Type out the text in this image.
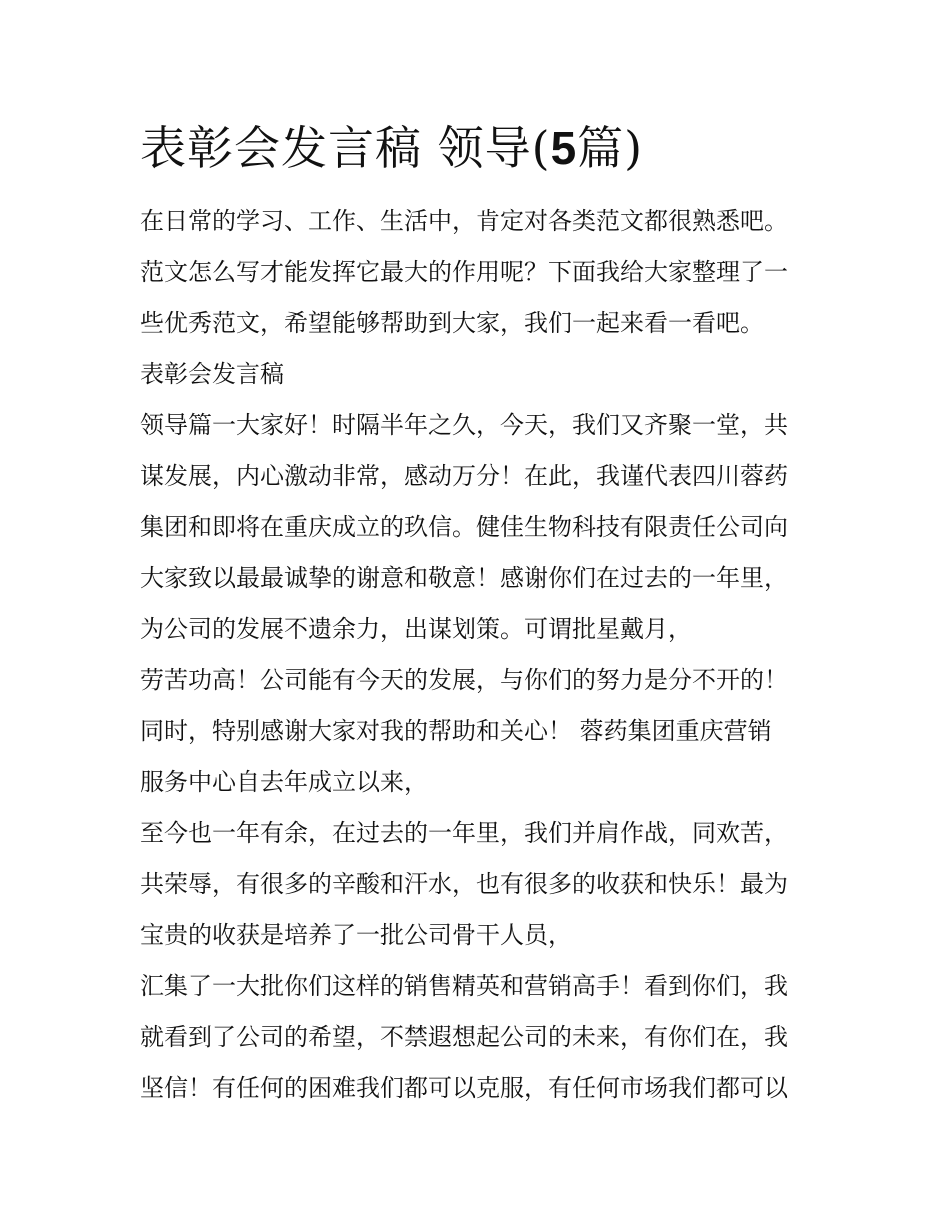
表彰会发言稿 领导(5篇)
在日常的学习、工作、生活中，肯定对各类范文都很熟悉吧。
范文怎么写才能发挥它最大的作用呢？下面我给大家整理了一
些优秀范文，希望能够帮助到大家，我们一起来看一看吧。
表彰会发言稿
领导篇一大家好！时隔半年之久，今天，我们又齐聚一堂，共
谋发展，内心激动非常，感动万分！在此，我谨代表四川蓉药
集团和即将在重庆成立的玖信。健佳生物科技有限责任公司向
大家致以最最诚挚的谢意和敬意！感谢你们在过去的一年里，
为公司的发展不遗余力，出谋划策。可谓批星戴月，
劳苦功高！公司能有今天的发展，与你们的努力是分不开的！
同时，特别感谢大家对我的帮助和关心！ 蓉药集团重庆营销
服务中心自去年成立以来，
至今也一年有余，在过去的一年里，我们并肩作战，同欢苦，
共荣辱，有很多的辛酸和汗水，也有很多的收获和快乐！最为
宝贵的收获是培养了一批公司骨干人员，
汇集了一大批你们这样的销售精英和营销高手！看到你们，我
就看到了公司的希望，不禁遐想起公司的未来，有你们在，我
坚信！有任何的困难我们都可以克服，有任何市场我们都可以
